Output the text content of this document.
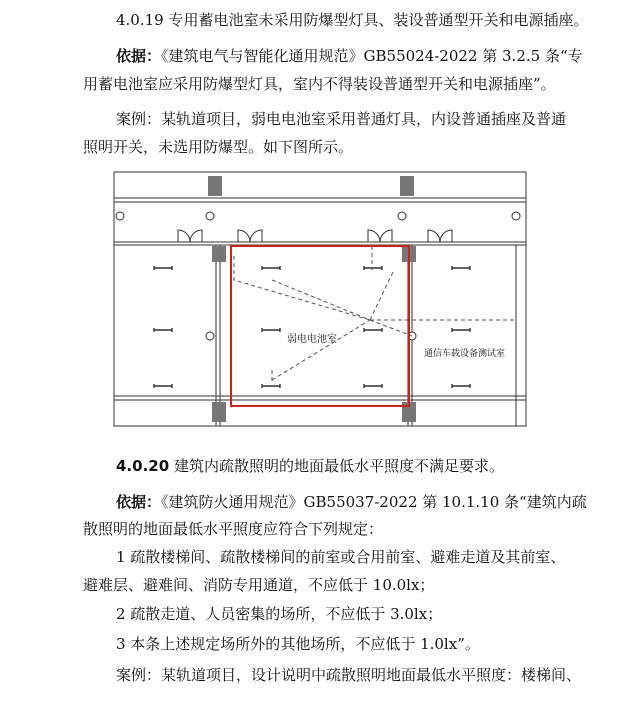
4.0.19 专用蓄电池室未采用防爆型灯具、装设普通型开关和电源插座。
依据：《建筑电气与智能化通用规范》GB55024-2022 第 3.2.5 条“专
用蓄电池室应采用防爆型灯具，室内不得装设普通型开关和电源插座”。
案例：某轨道项目，弱电电池室采用普通灯具，内设普通插座及普通
照明开关，未选用防爆型。如下图所示。
弱电电池室
通信车载设备测试室
4.0.20 建筑内疏散照明的地面最低水平照度不满足要求。
依据：《建筑防火通用规范》GB55037-2022 第 10.1.10 条“建筑内疏
散照明的地面最低水平照度应符合下列规定：
1 疏散楼梯间、疏散楼梯间的前室或合用前室、避难走道及其前室、
避难层、避难间、消防专用通道，不应低于 10.0lx；
2 疏散走道、人员密集的场所，不应低于 3.0lx；
3 本条上述规定场所外的其他场所，不应低于 1.0lx”。
案例：某轨道项目，设计说明中疏散照明地面最低水平照度：楼梯间、
